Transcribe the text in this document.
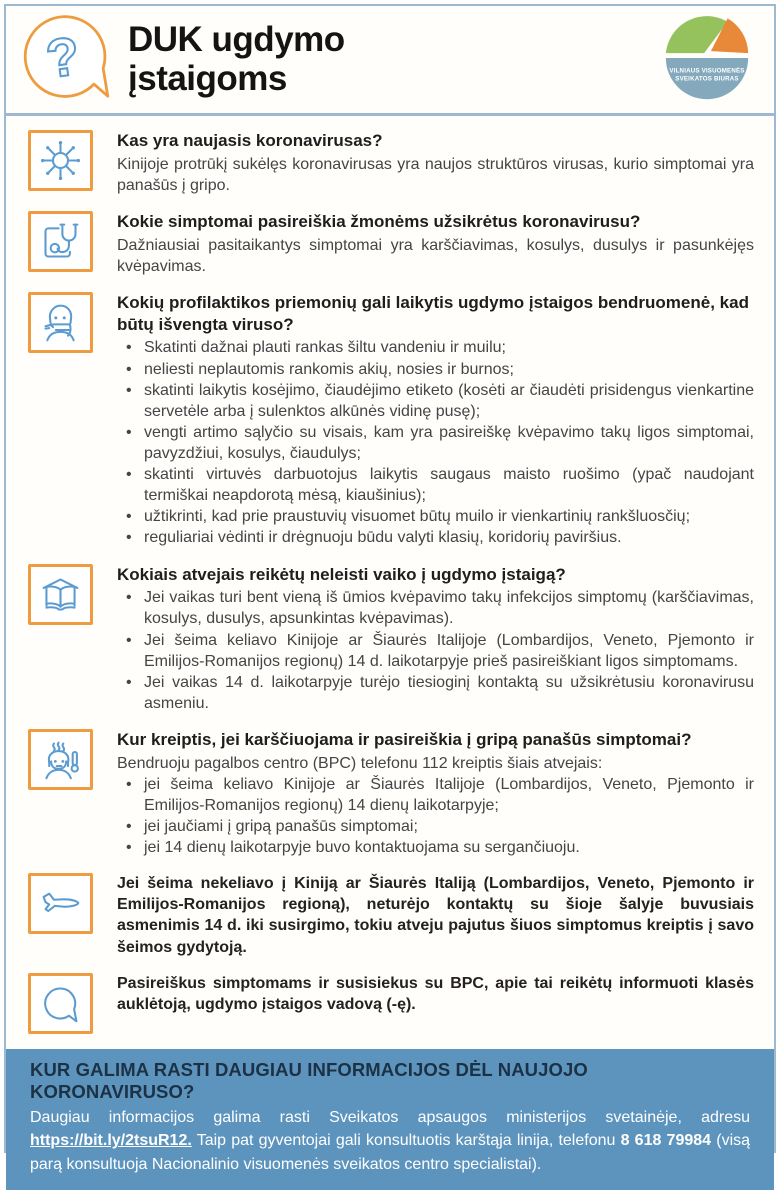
? DUK ugdymo
įstaigoms	VILNIAUS VISUOMENĖS
SVEIKATOS BIURAS
Kas yra naujasis koronavirusas?

Kinijoje protrūkį sukėlęs koronavirusas yra naujos struktūros virusas, kurio simptomai yra panašūs į gripo.

Kokie simptomai pasireiškia žmonėms užsikrėtus koronavirusu?

Dažniausiai pasitaikantys simptomai yra karščiavimas, kosulys, dusulys ir pasunkėjęs kvėpavimas.

Kokių profilaktikos priemonių gali laikytis ugdymo įstaigos bendruomenė, kad būtų išvengta viruso?
• Skatinti dažnai plauti rankas šiltu vandeniu ir muilu;
• neliesti neplautomis rankomis akių, nosies ir burnos;
• skatinti laikytis kosėjimo, čiaudėjimo etiketo (kosėti ar čiaudėti prisidengus vienkartine servetėle arba į sulenktos alkūnės vidinę pusę);
• vengti artimo sąlyčio su visais, kam yra pasireiškę kvėpavimo takų ligos simptomai, pavyzdžiui, kosulys, čiaudulys;
• skatinti virtuvės darbuotojus laikytis saugaus maisto ruošimo (ypač naudojant termiškai neapdorotą mėsą, kiaušinius);
• užtikrinti, kad prie praustuvių visuomet būtų muilo ir vienkartinių rankšluosčių;
• reguliariai vėdinti ir drėgnuoju būdu valyti klasių, koridorių paviršius.
Kokiais atvejais reikėtų neleisti vaiko į ugdymo įstaigą?
• Jei vaikas turi bent vieną iš ūmios kvėpavimo takų infekcijos simptomų (karščiavimas, kosulys, dusulys, apsunkintas kvėpavimas).
• Jei šeima keliavo Kinijoje ar Šiaurės Italijoje (Lombardijos, Veneto, Pjemonto ir Emilijos-Romanijos regionų) 14 d. laikotarpyje prieš pasireiškiant ligos simptomams.
• Jei vaikas 14 d. laikotarpyje turėjo tiesioginį kontaktą su užsikrėtusiu koronavirusu asmeniu.
Kur kreiptis, jei karščiuojama ir pasireiškia į gripą panašūs simptomai?

Bendruoju pagalbos centro (BPC) telefonu 112 kreiptis šiais atvejais:

• jei šeima keliavo Kinijoje ar Šiaurės Italijoje (Lombardijos, Veneto, Pjemonto ir Emilijos-Romanijos regionų) 14 dienų laikotarpyje;
• jei jaučiami į gripą panašūs simptomai;
• jei 14 dienų laikotarpyje buvo kontaktuojama su sergančiuoju.

Jei šeima nekeliavo į Kiniją ar Šiaurės Italiją (Lombardijos, Veneto, Pjemonto ir Emilijos-Romanijos regioną), neturėjo kontaktų su šioje šalyje buvusiais asmenimis 14 d. iki susirgimo, tokiu atveju pajutus šiuos simptomus kreiptis į savo šeimos gydytoją.

Pasireiškus simptomams ir susisiekus su BPC, apie tai reikėtų informuoti klasės auklėtoją, ugdymo įstaigos vadovą (-ę).

KUR GALIMA RASTI DAUGIAU INFORMACIJOS DĖL NAUJOJO KORONAVIRUSO?

Daugiau informacijos galima rasti Sveikatos apsaugos ministerijos svetainėje, adresu https://bit.ly/2tsuR12. Taip pat gyventojai gali konsultuotis karštąja linija, telefonu 8 618 79984 (visą parą konsultuoja Nacionalinio visuomenės sveikatos centro specialistai).
